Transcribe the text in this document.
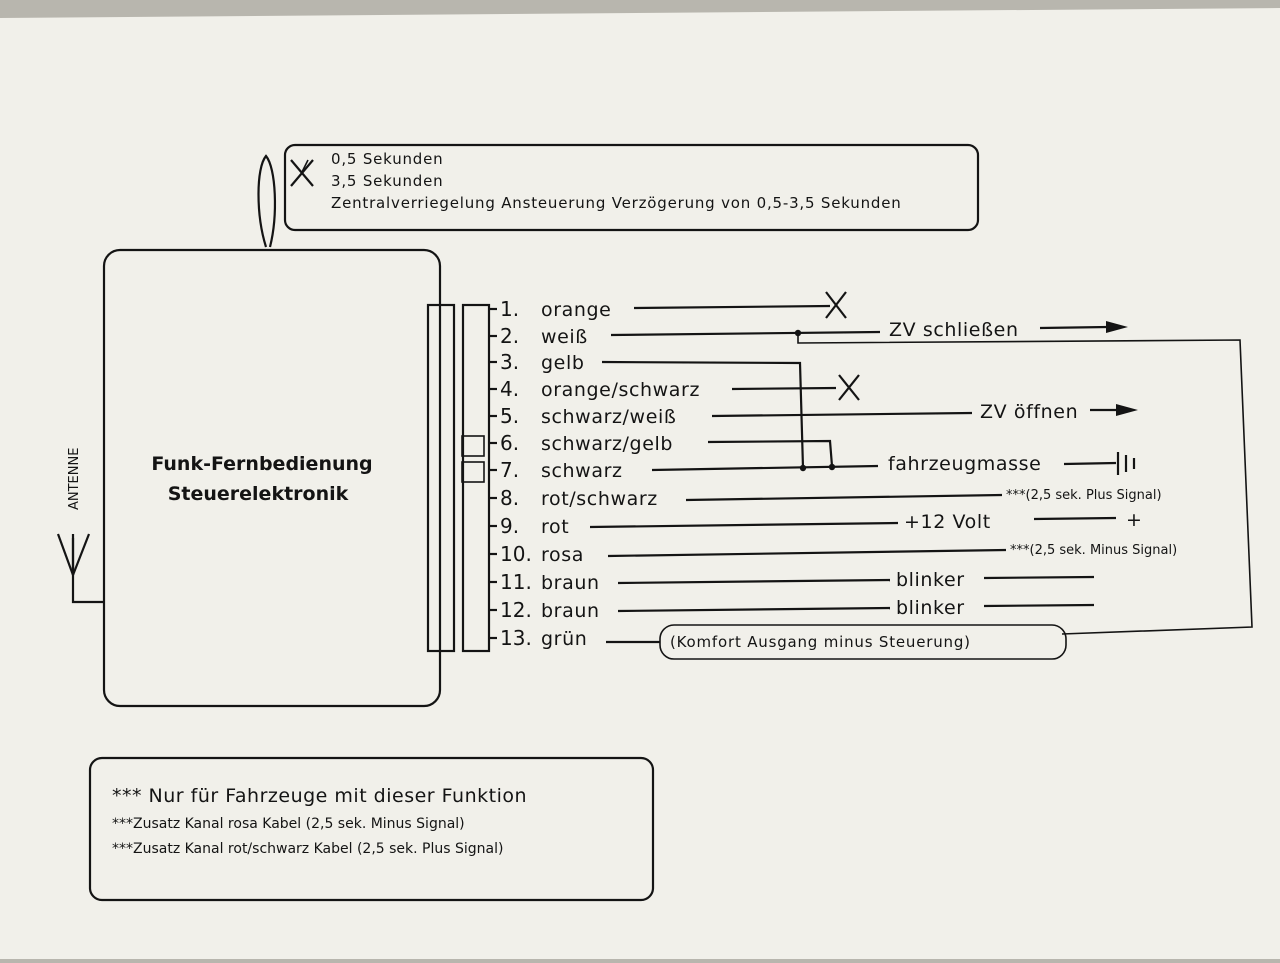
0,5 Sekunden
3,5 Sekunden
Zentralverriegelung Ansteuerung Verzögerung von 0,5-3,5 Sekunden
Funk-Fernbedienung
Steuerelektronik
ANTENNE
1.
2.
3.
4.
5.
6.
7.
8.
9.
10.
11.
12.
13.
orange
weiß
gelb
orange/schwarz
schwarz/weiß
schwarz/gelb
schwarz
rot/schwarz
rot
rosa
braun
braun
grün
ZV schließen
ZV öffnen
fahrzeugmasse
***(2,5 sek. Plus Signal)
+12 Volt	+
***(2,5 sek. Minus Signal)
blinker
blinker
(Komfort Ausgang minus Steuerung)
*** Nur für Fahrzeuge mit dieser Funktion
***Zusatz Kanal rosa Kabel (2,5 sek. Minus Signal)
***Zusatz Kanal rot/schwarz Kabel (2,5 sek. Plus Signal)
